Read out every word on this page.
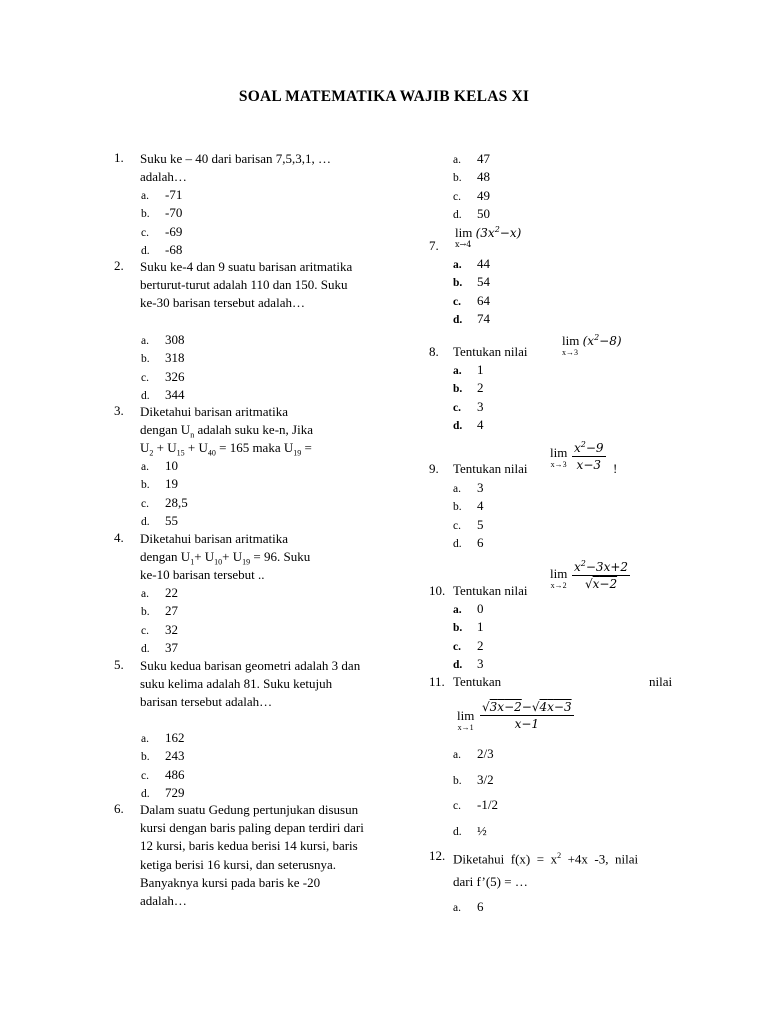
SOAL MATEMATIKA WAJIB KELAS XI
1.	Suku ke – 40 dari barisan 7,5,3,1, … adalah…
a. -71
b. -70
c. -69
d. -68
2.	Suku ke-4 dan 9 suatu barisan aritmatika berturut-turut adalah 110 dan 150. Suku ke-30 barisan tersebut adalah…
a. 308
b. 318
c. 326
d. 344
3.	Diketahui barisan aritmatika
dengan $U_n$ adalah suku ke-n, Jika
$U_2 + U_{15} + U_{40} = 165$ maka $U_{19}$ =
a. 10
b. 19
c. 28,5
d. 55
4.	Diketahui barisan aritmatika
dengan $U_1+ U_{10}+ U_{19} = 96$. Suku
ke-10 barisan tersebut ..
a. 22
b. 27
c. 32
d. 37
5.	Suku kedua barisan geometri adalah 3 dan suku kelima adalah 81. Suku ketujuh barisan tersebut adalah…
a. 162
b. 243
c. 486
d. 729
6.	Dalam suatu Gedung pertunjukan disusun kursi dengan baris paling depan terdiri dari 12 kursi, baris kedua berisi 14 kursi, baris ketiga berisi 16 kursi, dan seterusnya. Banyaknya kursi pada baris ke -20 adalah…
a. 47
b. 48
c. 49
d. 50
7.
$\lim (3x^2-x)$
x→4
a. 44
b. 54
c. 64
d. 74
8. Tentukan nilai
$\lim (x^2-8)$
x→3
a. 1
b. 2
c. 3
d. 4
9. Tentukan nilai
lim
$x\to 3 \frac{x^2-9}{x-3}$ !
a. 3
b. 4
c. 5
d. 6
10. Tentukan nilai
lim
$x\to 2 \frac{x^2-3x+2}{√x-2}$
a. 0
b. 1
c. 2
d. 3
11. Tentukan	nilai
lim
$x\to 1 \frac{√3x-2-√4x-3}{x-1}$
a. 2/3
b. 3/2
c. -1/2
d. ½
12. Diketahui  $f(x) = x^2 +4x$  -3,  nilai
dari f’(5) = …
a. 6
